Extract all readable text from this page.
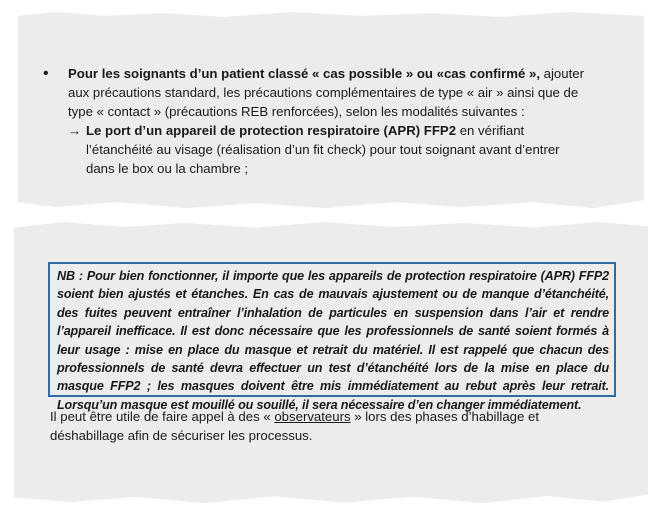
• Pour les soignants d’un patient classé « cas possible » ou «cas confirmé », ajouter aux précautions standard, les précautions complémentaires de type « air » ainsi que de type « contact » (précautions REB renforcées), selon les modalités suivantes :
→ Le port d’un appareil de protection respiratoire (APR) FFP2 en vérifiant l’étanchéité au visage (réalisation d’un fit check) pour tout soignant avant d’entrer dans le box ou la chambre ;
NB : Pour bien fonctionner, il importe que les appareils de protection respiratoire (APR) FFP2 soient bien ajustés et étanches. En cas de mauvais ajustement ou de manque d’étanchéité, des fuites peuvent entraîner l’inhalation de particules en suspension dans l’air et rendre l’appareil inefficace. Il est donc nécessaire que les professionnels de santé soient formés à leur usage : mise en place du masque et retrait du matériel. Il est rappelé que chacun des professionnels de santé devra effectuer un test d’étanchéité lors de la mise en place du masque FFP2 ; les masques doivent être mis immédiatement au rebut après leur retrait. Lorsqu’un masque est mouillé ou souillé, il sera nécessaire d’en changer immédiatement.
Il peut être utile de faire appel à des « observateurs » lors des phases d’habillage et déshabillage afin de sécuriser les processus.
